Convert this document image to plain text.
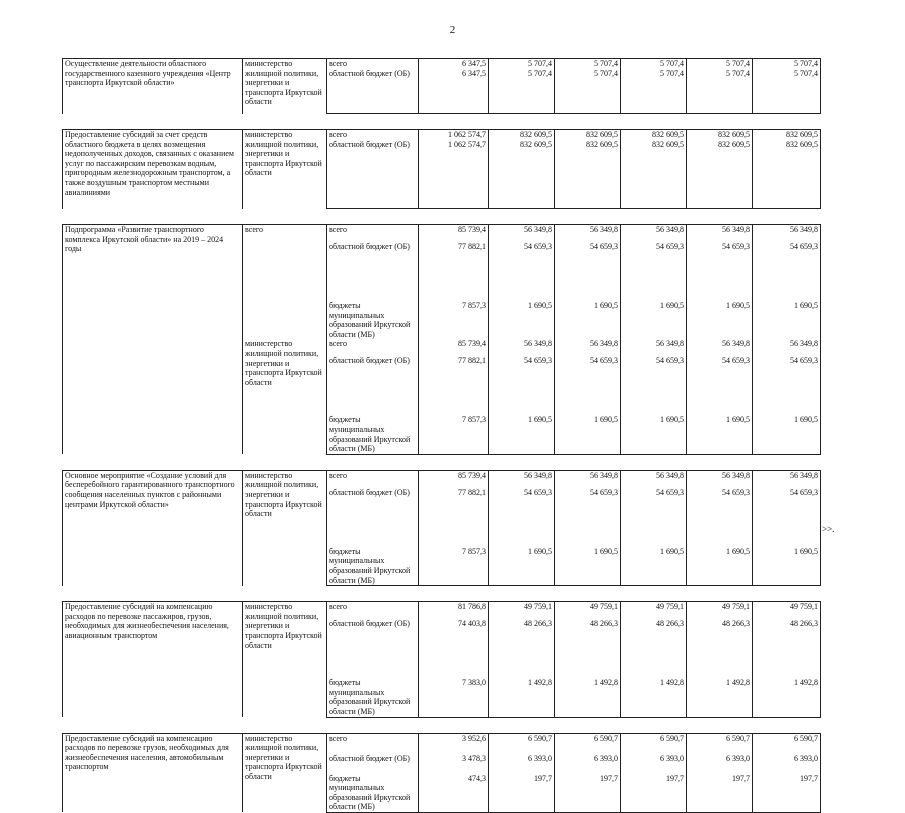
2
Осуществление деятельности областного государственного казенного учреждения «Центр транспорта Иркутской области»	министерство жилищной политики, энергетики и транспорта Иркутской области	всего	6 347,5	5 707,4	5 707,4	5 707,4	5 707,4	5 707,4
		областной бюджет (ОБ)	6 347,5	5 707,4	5 707,4	5 707,4	5 707,4	5 707,4

Предоставление субсидий за счет средств областного бюджета в целях возмещения недополученных доходов, связанных с оказанием услуг по пассажирским перевозкам водным, пригородным железнодорожным транспортом, а также воздушным транспортом местными авиалиниями	министерство жилищной политики, энергетики и транспорта Иркутской области	всего	1 062 574,7	832 609,5	832 609,5	832 609,5	832 609,5	832 609,5
		областной бюджет (ОБ)	1 062 574,7	832 609,5	832 609,5	832 609,5	832 609,5	832 609,5

Подпрограмма «Развитие транспортного комплекса Иркутской области» на 2019 – 2024 годы	всего	всего	85 739,4	56 349,8	56 349,8	56 349,8	56 349,8	56 349,8
		областной бюджет (ОБ)	77 882,1	54 659,3	54 659,3	54 659,3	54 659,3	54 659,3
		бюджеты муниципальных образований Иркутской области (МБ)	7 857,3	1 690,5	1 690,5	1 690,5	1 690,5	1 690,5
	министерство жилищной политики, энергетики и транспорта Иркутской области	всего	85 739,4	56 349,8	56 349,8	56 349,8	56 349,8	56 349,8
		областной бюджет (ОБ)	77 882,1	54 659,3	54 659,3	54 659,3	54 659,3	54 659,3
		бюджеты муниципальных образований Иркутской области (МБ)	7 857,3	1 690,5	1 690,5	1 690,5	1 690,5	1 690,5

Основное мероприятие «Создание условий для бесперебойного гарантированного транспортного сообщения населенных пунктов с районными центрами Иркутской области»	министерство жилищной политики, энергетики и транспорта Иркутской области	всего	85 739,4	56 349,8	56 349,8	56 349,8	56 349,8	56 349,8
		областной бюджет (ОБ)	77 882,1	54 659,3	54 659,3	54 659,3	54 659,3	54 659,3
		бюджеты муниципальных образований Иркутской области (МБ)	7 857,3	1 690,5	1 690,5	1 690,5	1 690,5	1 690,5

Предоставление субсидий на компенсацию расходов по перевозке пассажиров, грузов, необходимых для жизнеобеспечения населения, авиационным транспортом	министерство жилищной политики, энергетики и транспорта Иркутской области	всего	81 786,8	49 759,1	49 759,1	49 759,1	49 759,1	49 759,1
		областной бюджет (ОБ)	74 403,8	48 266,3	48 266,3	48 266,3	48 266,3	48 266,3
		бюджеты муниципальных образований Иркутской области (МБ)	7 383,0	1 492,8	1 492,8	1 492,8	1 492,8	1 492,8

Предоставление субсидий на компенсацию расходов по перевозке грузов, необходимых для жизнеобеспечения населения, автомобильным транспортом	министерство жилищной политики, энергетики и транспорта Иркутской области	всего	3 952,6	6 590,7	6 590,7	6 590,7	6 590,7	6 590,7
		областной бюджет (ОБ)	3 478,3	6 393,0	6 393,0	6 393,0	6 393,0	6 393,0
		бюджеты муниципальных образований Иркутской области (МБ)	474,3	197,7	197,7	197,7	197,7	197,7
>>.
